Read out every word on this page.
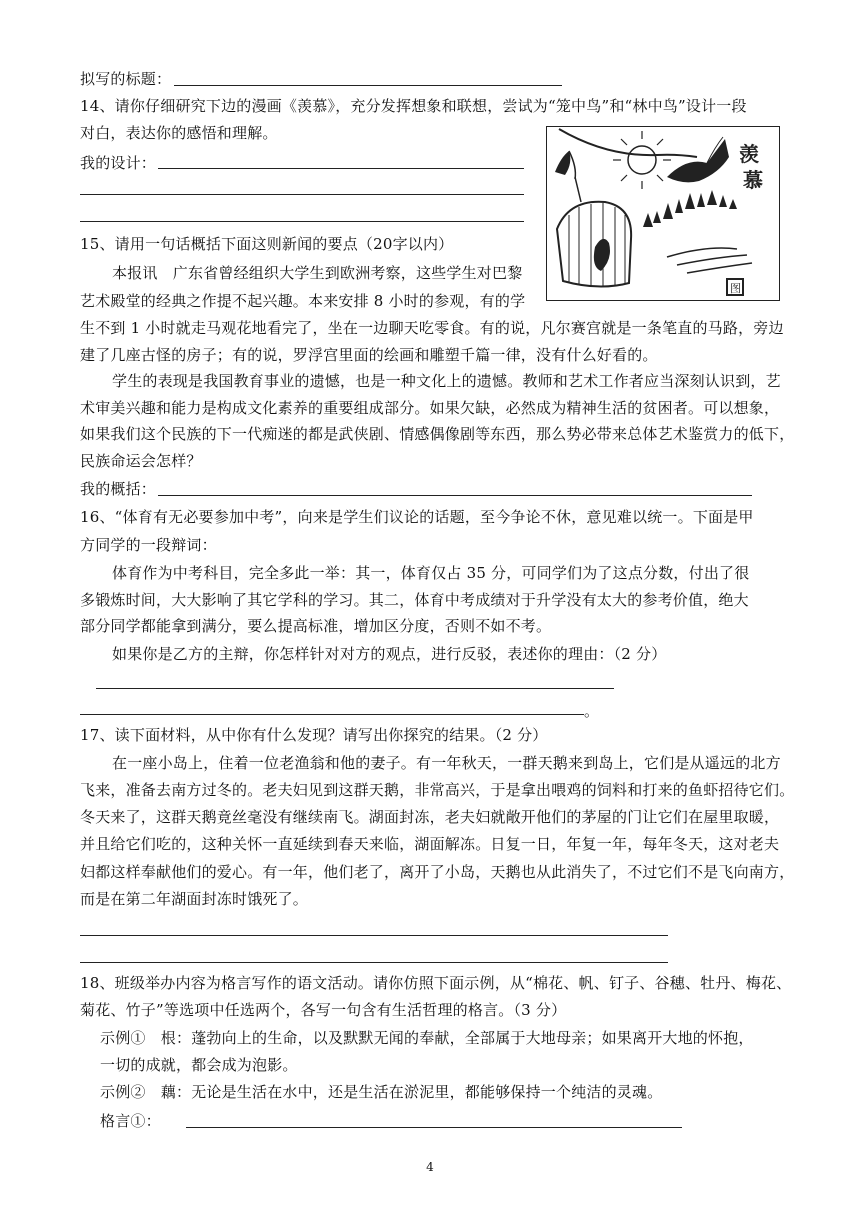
拟写的标题：
14、请你仔细研究下边的漫画《羡慕》，充分发挥想象和联想，尝试为“笼中鸟”和“林中鸟”设计一段
对白，表达你的感悟和理解。
我的设计：	羡
慕
图
15、请用一句话概括下面这则新闻的要点（20字以内）
本报讯　广东省曾经组织大学生到欧洲考察，这些学生对巴黎
艺术殿堂的经典之作提不起兴趣。本来安排 8 小时的参观，有的学
生不到 1 小时就走马观花地看完了，坐在一边聊天吃零食。有的说，凡尔赛宫就是一条笔直的马路，旁边
建了几座古怪的房子；有的说，罗浮宫里面的绘画和雕塑千篇一律，没有什么好看的。
学生的表现是我国教育事业的遗憾，也是一种文化上的遗憾。教师和艺术工作者应当深刻认识到，艺
术审美兴趣和能力是构成文化素养的重要组成部分。如果欠缺，必然成为精神生活的贫困者。可以想象，
如果我们这个民族的下一代痴迷的都是武侠剧、情感偶像剧等东西，那么势必带来总体艺术鉴赏力的低下，
民族命运会怎样？
我的概括：
16、“体育有无必要参加中考”，向来是学生们议论的话题，至今争论不休，意见难以统一。下面是甲
方同学的一段辩词：
体育作为中考科目，完全多此一举：其一，体育仅占 35 分，可同学们为了这点分数，付出了很
多锻炼时间，大大影响了其它学科的学习。其二，体育中考成绩对于升学没有太大的参考价值，绝大
部分同学都能拿到满分，要么提高标准，增加区分度，否则不如不考。
如果你是乙方的主辩，你怎样针对对方的观点，进行反驳，表述你的理由：（2 分）
。
17、读下面材料，从中你有什么发现？请写出你探究的结果。（2 分）
在一座小岛上，住着一位老渔翁和他的妻子。有一年秋天，一群天鹅来到岛上，它们是从遥远的北方
飞来，准备去南方过冬的。老夫妇见到这群天鹅，非常高兴，于是拿出喂鸡的饲料和打来的鱼虾招待它们。
冬天来了，这群天鹅竟丝毫没有继续南飞。湖面封冻，老夫妇就敞开他们的茅屋的门让它们在屋里取暖，
并且给它们吃的，这种关怀一直延续到春天来临，湖面解冻。日复一日，年复一年，每年冬天，这对老夫
妇都这样奉献他们的爱心。有一年，他们老了，离开了小岛，天鹅也从此消失了，不过它们不是飞向南方，
而是在第二年湖面封冻时饿死了。
18、班级举办内容为格言写作的语文活动。请你仿照下面示例，从“棉花、帆、钉子、谷穗、牡丹、梅花、
菊花、竹子”等选项中任选两个，各写一句含有生活哲理的格言。（3 分）
示例①　根：蓬勃向上的生命，以及默默无闻的奉献，全部属于大地母亲；如果离开大地的怀抱，
一切的成就，都会成为泡影。
示例②　藕：无论是生活在水中，还是生活在淤泥里，都能够保持一个纯洁的灵魂。
格言①：
4
